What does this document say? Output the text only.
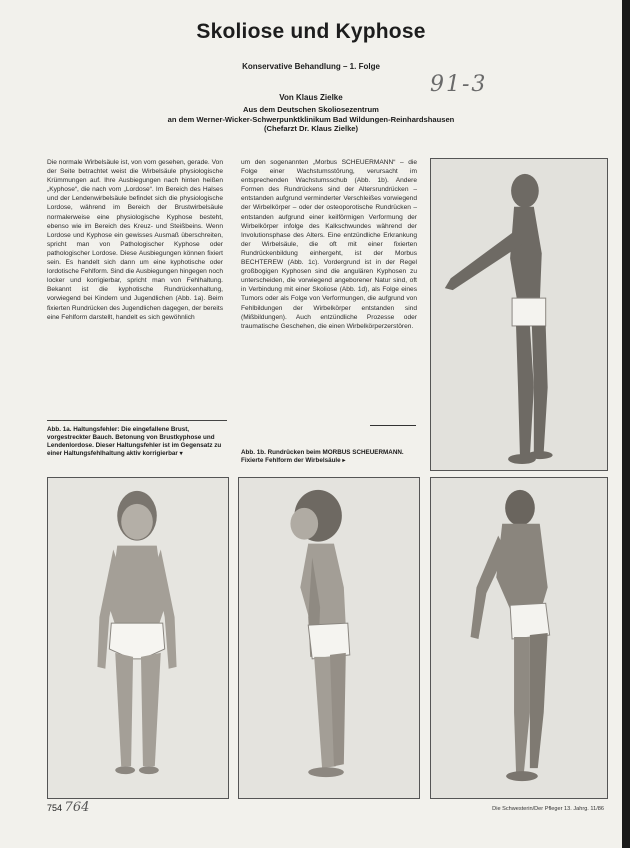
Skoliose und Kyphose
Konservative Behandlung – 1. Folge
91-3
Von Klaus Zielke
Aus dem Deutschen Skoliosezentrum
an dem Werner-Wicker-Schwerpunktklinikum Bad Wildungen-Reinhardshausen
(Chefarzt Dr. Klaus Zielke)
Die normale Wirbelsäule ist, von vorn gesehen, gerade. Von der Seite betrachtet weist die Wirbelsäule physiologische Krümmungen auf. Ihre Ausbiegungen nach hinten heißen „Kyphose“, die nach vorn „Lordose“. Im Bereich des Halses und der Lendenwirbelsäule befindet sich die physiologische Lordose, während im Bereich der Brustwirbelsäule normalerweise eine physiologische Kyphose besteht, ebenso wie im Bereich des Kreuz- und Steißbeins. Wenn Lordose und Kyphose ein gewisses Ausmaß überschreiten, spricht man von Pathologischer Kyphose oder pathologischer Lordose. Diese Ausbiegungen können fixiert sein. Es handelt sich dann um eine kyphotische oder lordotische Fehlform. Sind die Ausbiegungen hingegen noch locker und korrigierbar, spricht man von Fehlhaltung. Bekannt ist die kyphotische Rundrückenhaltung, vorwiegend bei Kindern und Jugendlichen (Abb. 1a). Beim fixierten Rundrücken des Jugendlichen dagegen, der bereits eine Fehlform darstellt, handelt es sich gewöhnlich
um den sogenannten „Morbus SCHEUERMANN“ – die Folge einer Wachstumsstörung, verursacht im entsprechenden Wachstumsschub (Abb. 1b). Andere Formen des Rundrückens sind der Altersrundrücken – entstanden aufgrund verminderter Verschleißes vorwiegend der Wirbelkörper – oder der osteoporotische Rundrücken – entstanden aufgrund einer keilförmigen Verformung der Wirbelkörper infolge des Kalkschwundes während der Involutionsphase des Alters. Eine entzündliche Erkrankung der Wirbelsäule, die oft mit einer fixierten Rundrückenbildung einhergeht, ist der Morbus BECHTEREW (Abb. 1c). Vordergrund ist in der Regel großbogigen Kyphosen sind die angulären Kyphosen zu unterscheiden, die vorwiegend angeborener Natur sind, oft in Verbindung mit einer Skoliose (Abb. 1d), als Folge eines Tumors oder als Folge von Verformungen, die aufgrund von Fehlbildungen der Wirbelkörper entstanden sind (Mißbildungen). Auch entzündliche Prozesse oder traumatische Geschehen, die einen Wirbelkörperzerstören.
Abb. 1a. Haltungsfehler: Die eingefallene Brust, vorgestreckter Bauch. Betonung von Brustkyphose und Lendenlordose. Dieser Haltungsfehler ist im Gegensatz zu einer Haltungsfehlhaltung aktiv korrigierbar ▾	Abb. 1b. Rundrücken beim MORBUS SCHEUERMANN. Fixierte Fehlform der Wirbelsäule ▸
754 764	Die Schwesterin/Der Pfleger 13. Jahrg. 11/86
